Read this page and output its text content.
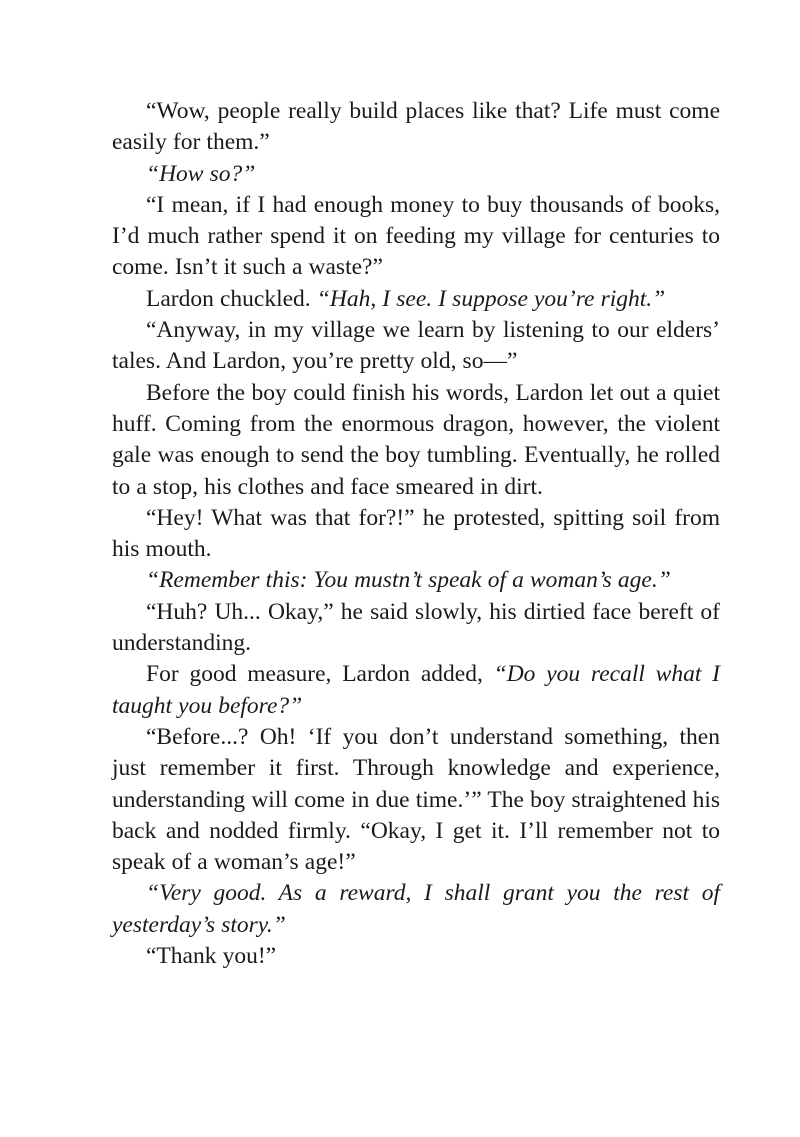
“Wow, people really build places like that? Life must come easily for them.”

“How so?”

“I mean, if I had enough money to buy thousands of books, I’d much rather spend it on feeding my village for centuries to come. Isn’t it such a waste?”

Lardon chuckled. “Hah, I see. I suppose you’re right.”

“Anyway, in my village we learn by listening to our elders’ tales. And Lardon, you’re pretty old, so—”

Before the boy could finish his words, Lardon let out a quiet huff. Coming from the enormous dragon, however, the violent gale was enough to send the boy tumbling. Eventually, he rolled to a stop, his clothes and face smeared in dirt.

“Hey! What was that for?!” he protested, spitting soil from his mouth.

“Remember this: You mustn’t speak of a woman’s age.”

“Huh? Uh... Okay,” he said slowly, his dirtied face bereft of understanding.

For good measure, Lardon added, “Do you recall what I taught you before?”

“Before...? Oh! ‘If you don’t understand something, then just remember it first. Through knowledge and experience, understanding will come in due time.’” The boy straightened his back and nodded firmly. “Okay, I get it. I’ll remember not to speak of a woman’s age!”

“Very good. As a reward, I shall grant you the rest of yesterday’s story.”

“Thank you!”
